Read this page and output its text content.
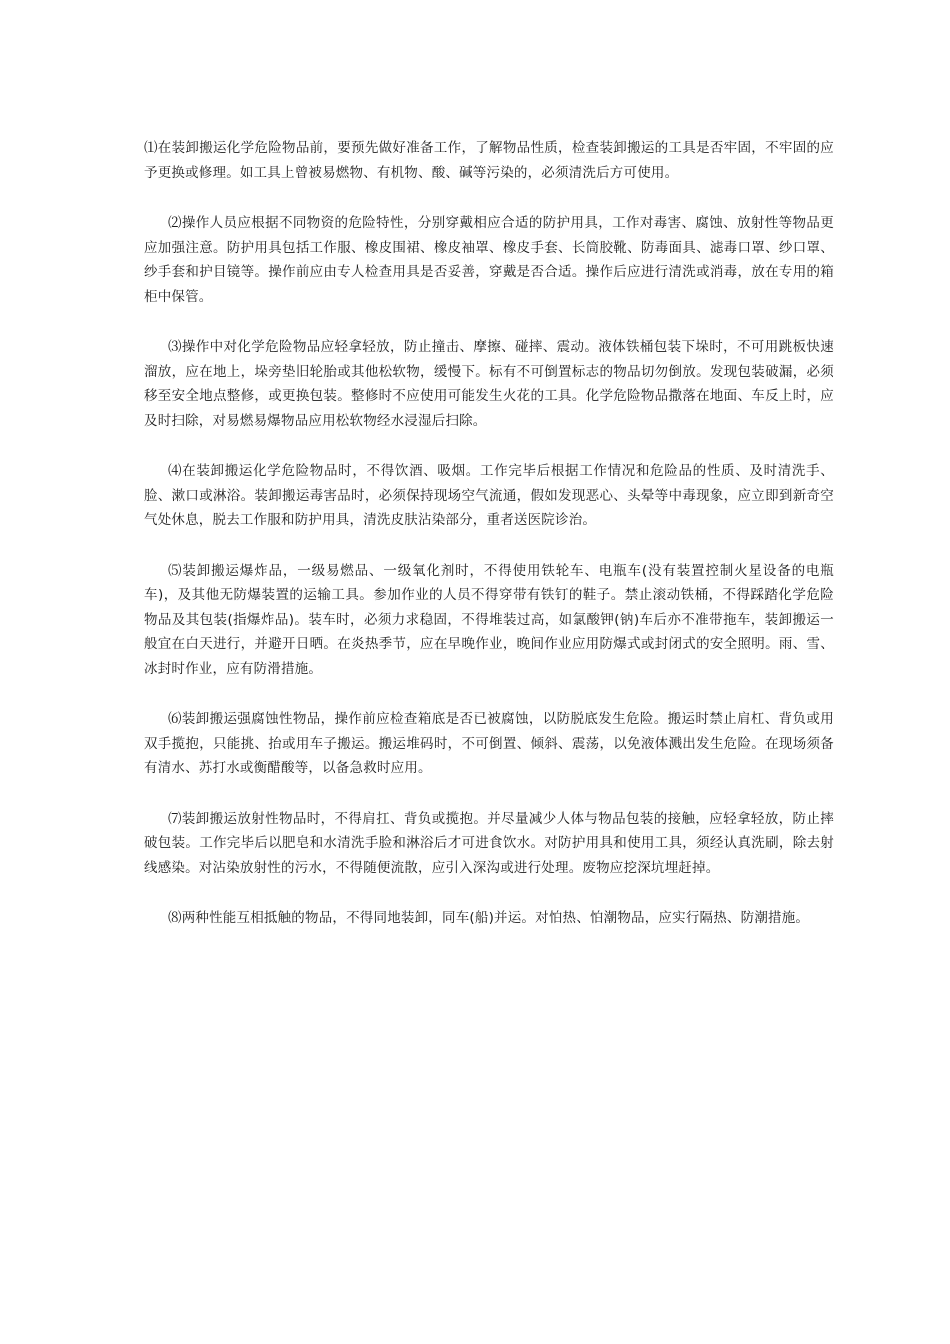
⑴在装卸搬运化学危险物品前，要预先做好准备工作，了解物品性质，检查装卸搬运的工具是否牢固，不牢固的应予更换或修理。如工具上曾被易燃物、有机物、酸、碱等污染的，必须清洗后方可使用。

⑵操作人员应根据不同物资的危险特性，分别穿戴相应合适的防护用具，工作对毒害、腐蚀、放射性等物品更应加强注意。防护用具包括工作服、橡皮围裙、橡皮袖罩、橡皮手套、长筒胶靴、防毒面具、滤毒口罩、纱口罩、纱手套和护目镜等。操作前应由专人检查用具是否妥善，穿戴是否合适。操作后应进行清洗或消毒，放在专用的箱柜中保管。

⑶操作中对化学危险物品应轻拿轻放，防止撞击、摩擦、碰摔、震动。液体铁桶包装下垛时，不可用跳板快速溜放，应在地上，垛旁垫旧轮胎或其他松软物，缓慢下。标有不可倒置标志的物品切勿倒放。发现包装破漏，必须移至安全地点整修，或更换包装。整修时不应使用可能发生火花的工具。化学危险物品撒落在地面、车反上时，应及时扫除，对易燃易爆物品应用松软物经水浸湿后扫除。

⑷在装卸搬运化学危险物品时，不得饮酒、吸烟。工作完毕后根据工作情况和危险品的性质、及时清洗手、脸、漱口或淋浴。装卸搬运毒害品时，必须保持现场空气流通，假如发现恶心、头晕等中毒现象，应立即到新奇空气处休息，脱去工作服和防护用具，清洗皮肤沾染部分，重者送医院诊治。

⑸装卸搬运爆炸品，一级易燃品、一级氧化剂时，不得使用铁轮车、电瓶车(没有装置控制火星设备的电瓶车)，及其他无防爆装置的运输工具。参加作业的人员不得穿带有铁钉的鞋子。禁止滚动铁桶，不得踩踏化学危险物品及其包装(指爆炸品)。装车时，必须力求稳固，不得堆装过高，如氯酸钾(钠)车后亦不准带拖车，装卸搬运一般宜在白天进行，并避开日晒。在炎热季节，应在早晚作业，晚间作业应用防爆式或封闭式的安全照明。雨、雪、冰封时作业，应有防滑措施。

⑹装卸搬运强腐蚀性物品，操作前应检查箱底是否已被腐蚀，以防脱底发生危险。搬运时禁止肩杠、背负或用双手揽抱，只能挑、抬或用车子搬运。搬运堆码时，不可倒置、倾斜、震荡，以免液体溅出发生危险。在现场须备有清水、苏打水或衡醋酸等，以备急救时应用。

⑺装卸搬运放射性物品时，不得肩扛、背负或揽抱。并尽量减少人体与物品包装的接触，应轻拿轻放，防止摔破包装。工作完毕后以肥皂和水清洗手脸和淋浴后才可进食饮水。对防护用具和使用工具，须经认真洗刷，除去射线感染。对沾染放射性的污水，不得随便流散，应引入深沟或进行处理。废物应挖深坑埋赶掉。

⑻两种性能互相抵触的物品，不得同地装卸，同车(船)并运。对怕热、怕潮物品，应实行隔热、防潮措施。
